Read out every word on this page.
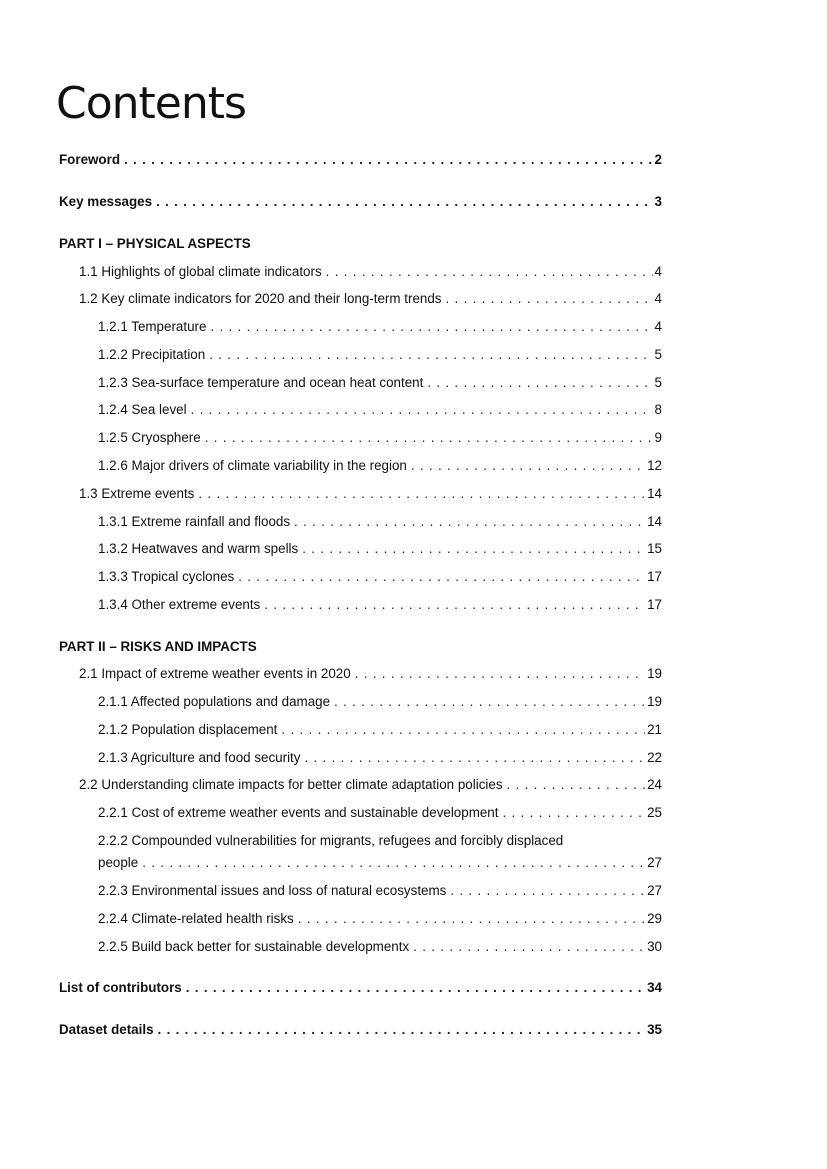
Contents
Foreword . . .	2
Key messages . . .	3
PART I – PHYSICAL ASPECTS
1.1 Highlights of global climate indicators . . .	4
1.2 Key climate indicators for 2020 and their long-term trends . . .	4
1.2.1 Temperature . . .	4
1.2.2 Precipitation . . .	5
1.2.3 Sea-surface temperature and ocean heat content . . .	5
1.2.4 Sea level . . .	8
1.2.5 Cryosphere . . .	9
1.2.6 Major drivers of climate variability in the region . . .	12
1.3 Extreme events . . .	14
1.3.1 Extreme rainfall and floods . . .	14
1.3.2 Heatwaves and warm spells . . .	15
1.3.3 Tropical cyclones . . .	17
1.3.4 Other extreme events . . .	17
PART II – RISKS AND IMPACTS
2.1 Impact of extreme weather events in 2020 . . .	19
2.1.1 Affected populations and damage . . .	19
2.1.2 Population displacement . . .	21
2.1.3 Agriculture and food security . . .	22
2.2 Understanding climate impacts for better climate adaptation policies . . .	24
2.2.1 Cost of extreme weather events and sustainable development . . .	25
2.2.2 Compounded vulnerabilities for migrants, refugees and forcibly displaced
people . . .	27
2.2.3 Environmental issues and loss of natural ecosystems . . .	27
2.2.4 Climate-related health risks . . .	29
2.2.5 Build back better for sustainable developmentx . . .	30
List of contributors . . .	34
Dataset details . . .	35
